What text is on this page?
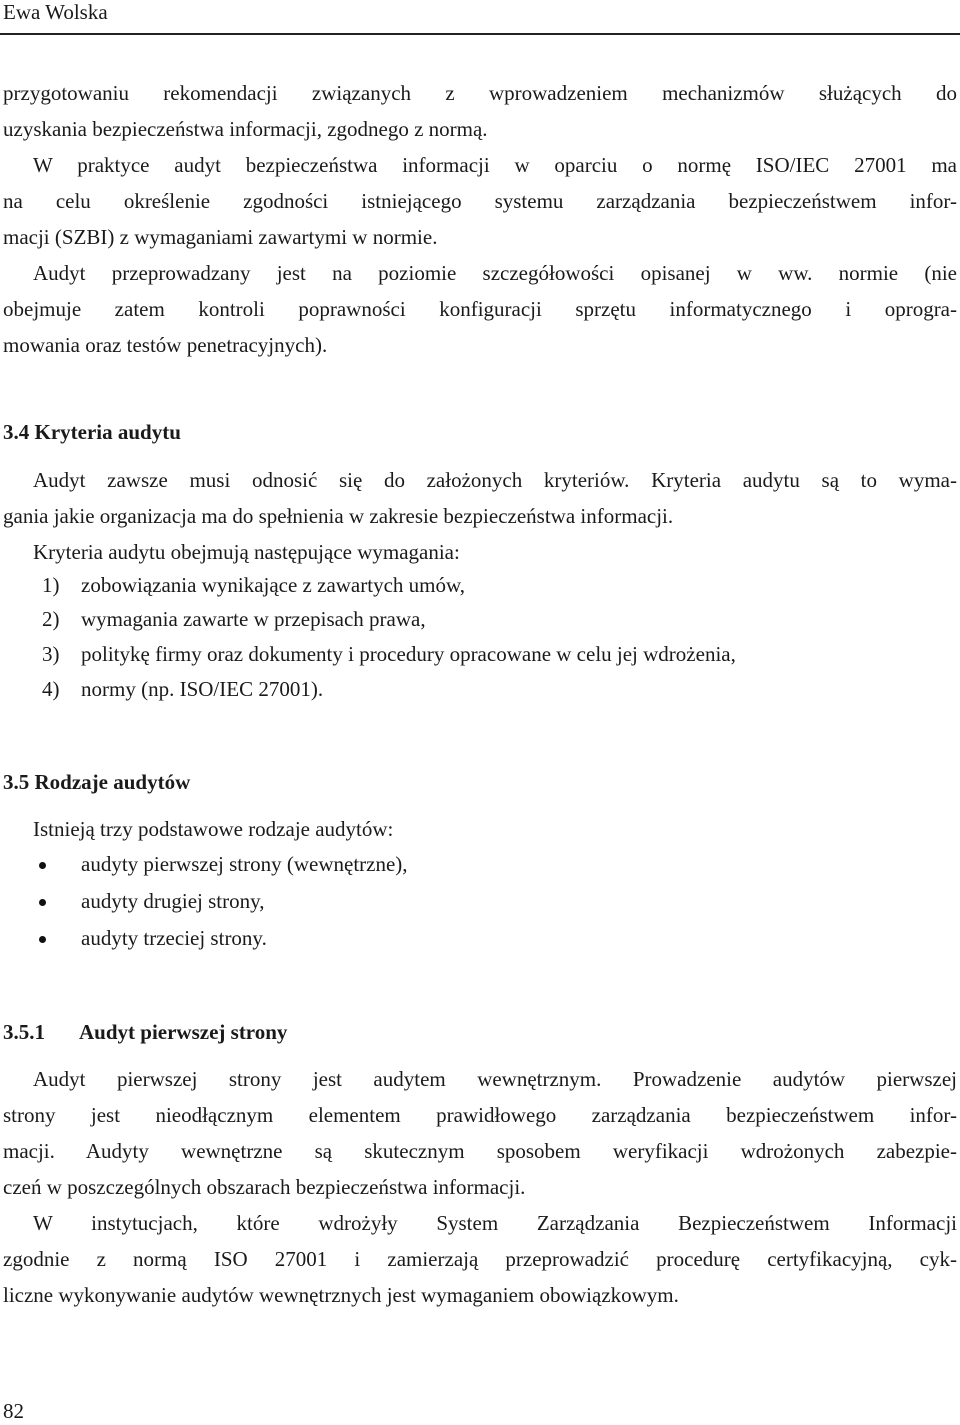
Ewa Wolska
przygotowaniu rekomendacji związanych z wprowadzeniem mechanizmów służących do
uzyskania bezpieczeństwa informacji, zgodnego z normą.
W praktyce audyt bezpieczeństwa informacji w oparciu o normę ISO/IEC 27001 ma
na celu określenie zgodności istniejącego systemu zarządzania bezpieczeństwem infor-
macji (SZBI) z wymaganiami zawartymi w normie.
Audyt przeprowadzany jest na poziomie szczegółowości opisanej w ww. normie (nie
obejmuje zatem kontroli poprawności konfiguracji sprzętu informatycznego i oprogra-
mowania oraz testów penetracyjnych).
3.4 Kryteria audytu
Audyt zawsze musi odnosić się do założonych kryteriów. Kryteria audytu są to wyma-
gania jakie organizacja ma do spełnienia w zakresie bezpieczeństwa informacji.
Kryteria audytu obejmują następujące wymagania:
1) zobowiązania wynikające z zawartych umów,
2) wymagania zawarte w przepisach prawa,
3) politykę firmy oraz dokumenty i procedury opracowane w celu jej wdrożenia,
4) normy (np. ISO/IEC 27001).
3.5 Rodzaje audytów
Istnieją trzy podstawowe rodzaje audytów:
audyty pierwszej strony (wewnętrzne),
audyty drugiej strony,
audyty trzeciej strony.
3.5.1 Audyt pierwszej strony
Audyt pierwszej strony jest audytem wewnętrznym. Prowadzenie audytów pierwszej
strony jest nieodłącznym elementem prawidłowego zarządzania bezpieczeństwem infor-
macji. Audyty wewnętrzne są skutecznym sposobem weryfikacji wdrożonych zabezpie-
czeń w poszczególnych obszarach bezpieczeństwa informacji.
W instytucjach, które wdrożyły System Zarządzania Bezpieczeństwem Informacji
zgodnie z normą ISO 27001 i zamierzają przeprowadzić procedurę certyfikacyjną, cyk-
liczne wykonywanie audytów wewnętrznych jest wymaganiem obowiązkowym.
82
